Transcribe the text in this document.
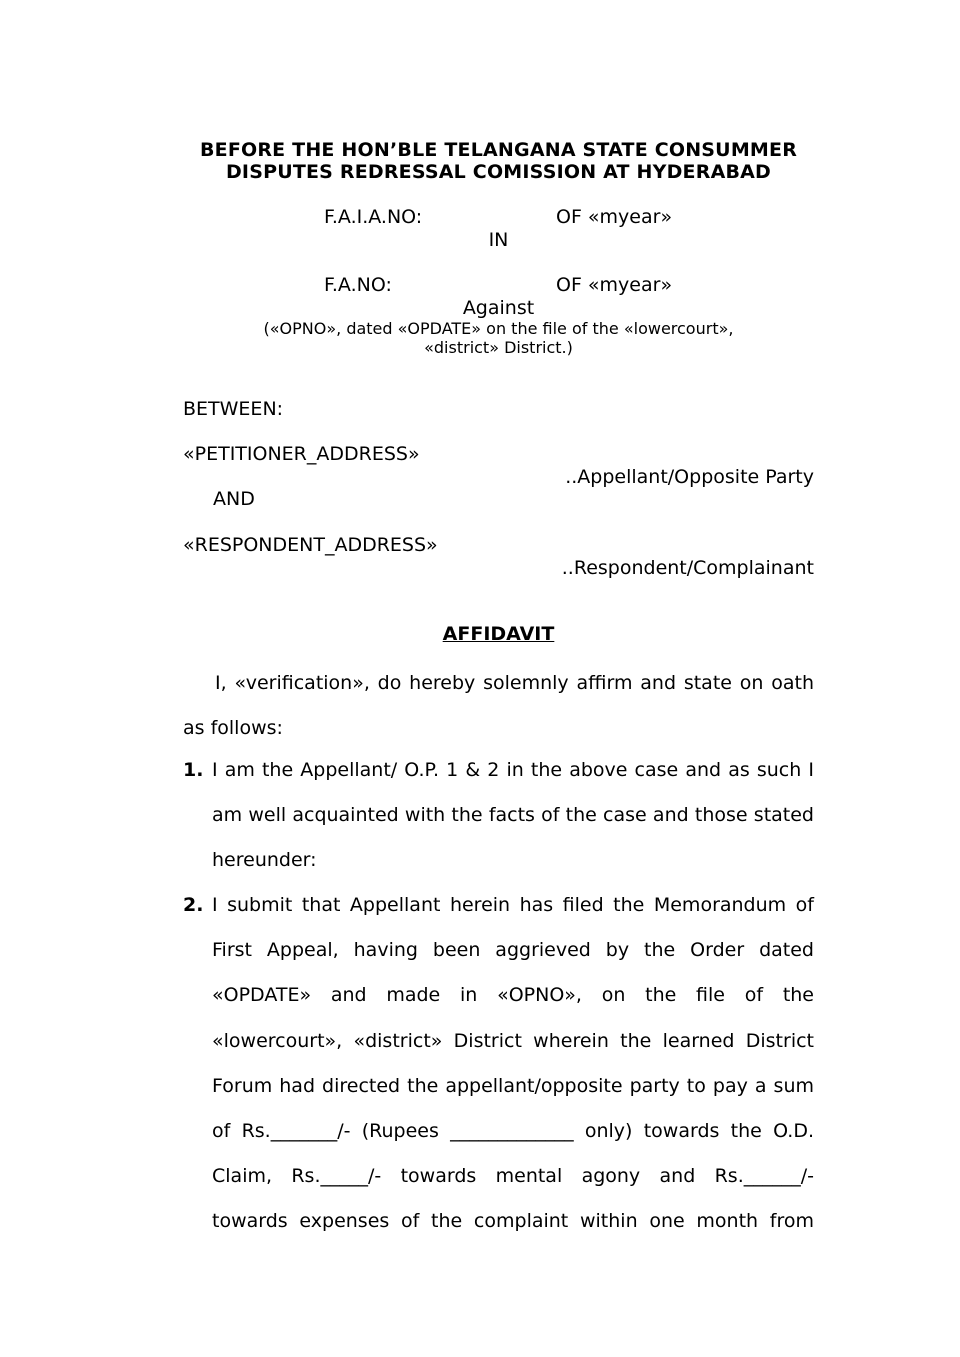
BEFORE THE HON’BLE TELANGANA STATE CONSUMMER
DISPUTES REDRESSAL COMISSION AT HYDERABAD
F.A.I.A.NO:	OF «myear»
IN
F.A.NO:	OF «myear»
Against
(«OPNO», dated «OPDATE» on the file of the «lowercourt»,
«district» District.)
BETWEEN:
«PETITIONER_ADDRESS»
..Appellant/Opposite Party
AND
«RESPONDENT_ADDRESS»
..Respondent/Complainant
AFFIDAVIT
I, «verification», do hereby solemnly affirm and state on oath as follows:
1. I am the Appellant/ O.P. 1 & 2 in the above case and as such I am well acquainted with the facts of the case and those stated hereunder:
2. I submit that Appellant herein has filed the Memorandum of First Appeal, having been aggrieved by the Order dated «OPDATE» and made in «OPNO», on the file of the «lowercourt», «district» District wherein the learned District Forum had directed the appellant/opposite party to pay a sum of Rs._______/- (Rupees _____________ only) towards the O.D. Claim, Rs._____/- towards mental agony and Rs.______/- towards expenses of the complaint within one month from
